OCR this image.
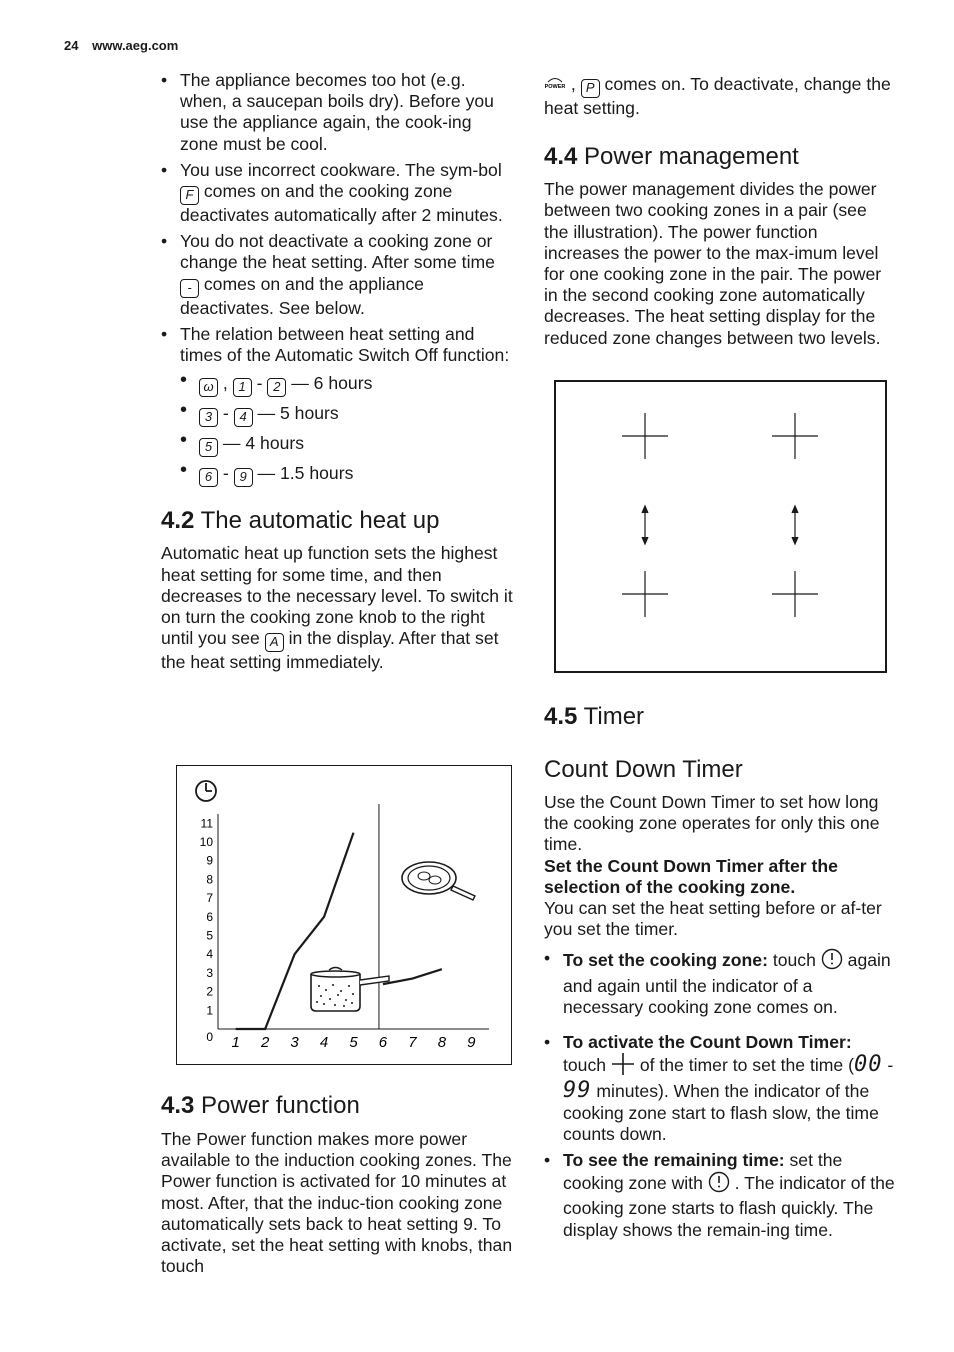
24 www.aeg.com
• The appliance becomes too hot (e.g. when, a saucepan boils dry). Before you use the appliance again, the cook-ing zone must be cool.
• You use incorrect cookware. The sym-bol F comes on and the cooking zone deactivates automatically after 2 minutes.
• You do not deactivate a cooking zone or change the heat setting. After some time - comes on and the appliance deactivates. See below.
• The relation between heat setting and times of the Automatic Switch Off function:
• ω , 1 - 2 — 6 hours
• 3 - 4 — 5 hours
• 5 — 4 hours
• 6 - 9 — 1.5 hours
4.2 The automatic heat up

Automatic heat up function sets the highest heat setting for some time, and then decreases to the necessary level. To switch it on turn the cooking zone knob to the right until you see A in the display. After that set the heat setting immediately.

0
1
2
3
4
5
6
7
8
9
10
11
1 2 3 4 5 6 7 8 9
4.3 Power function

The Power function makes more power available to the induction cooking zones. The Power function is activated for 10 minutes at most. After, that the induc-tion cooking zone automatically sets back to heat setting 9. To activate, set the heat setting with knobs, than touch

POWER , P comes on. To deactivate, change the heat setting.

4.4 Power management

The power management divides the power between two cooking zones in a pair (see the illustration). The power function increases the power to the max-imum level for one cooking zone in the pair. The power in the second cooking zone automatically decreases. The heat setting display for the reduced zone changes between two levels.

4.5 Timer
Count Down Timer

Use the Count Down Timer to set how long the cooking zone operates for only this one time.

Set the Count Down Timer after the selection of the cooking zone.

You can set the heat setting before or af-ter you set the timer.

• To set the cooking zone: touch  again and again until the indicator of a necessary cooking zone comes on.
• To activate the Count Down Timer: touch  of the timer to set the time (00 - 99 minutes). When the indicator of the cooking zone start to flash slow, the time counts down.
• To see the remaining time: set the cooking zone with  . The indicator of the cooking zone starts to flash quickly. The display shows the remain-ing time.
